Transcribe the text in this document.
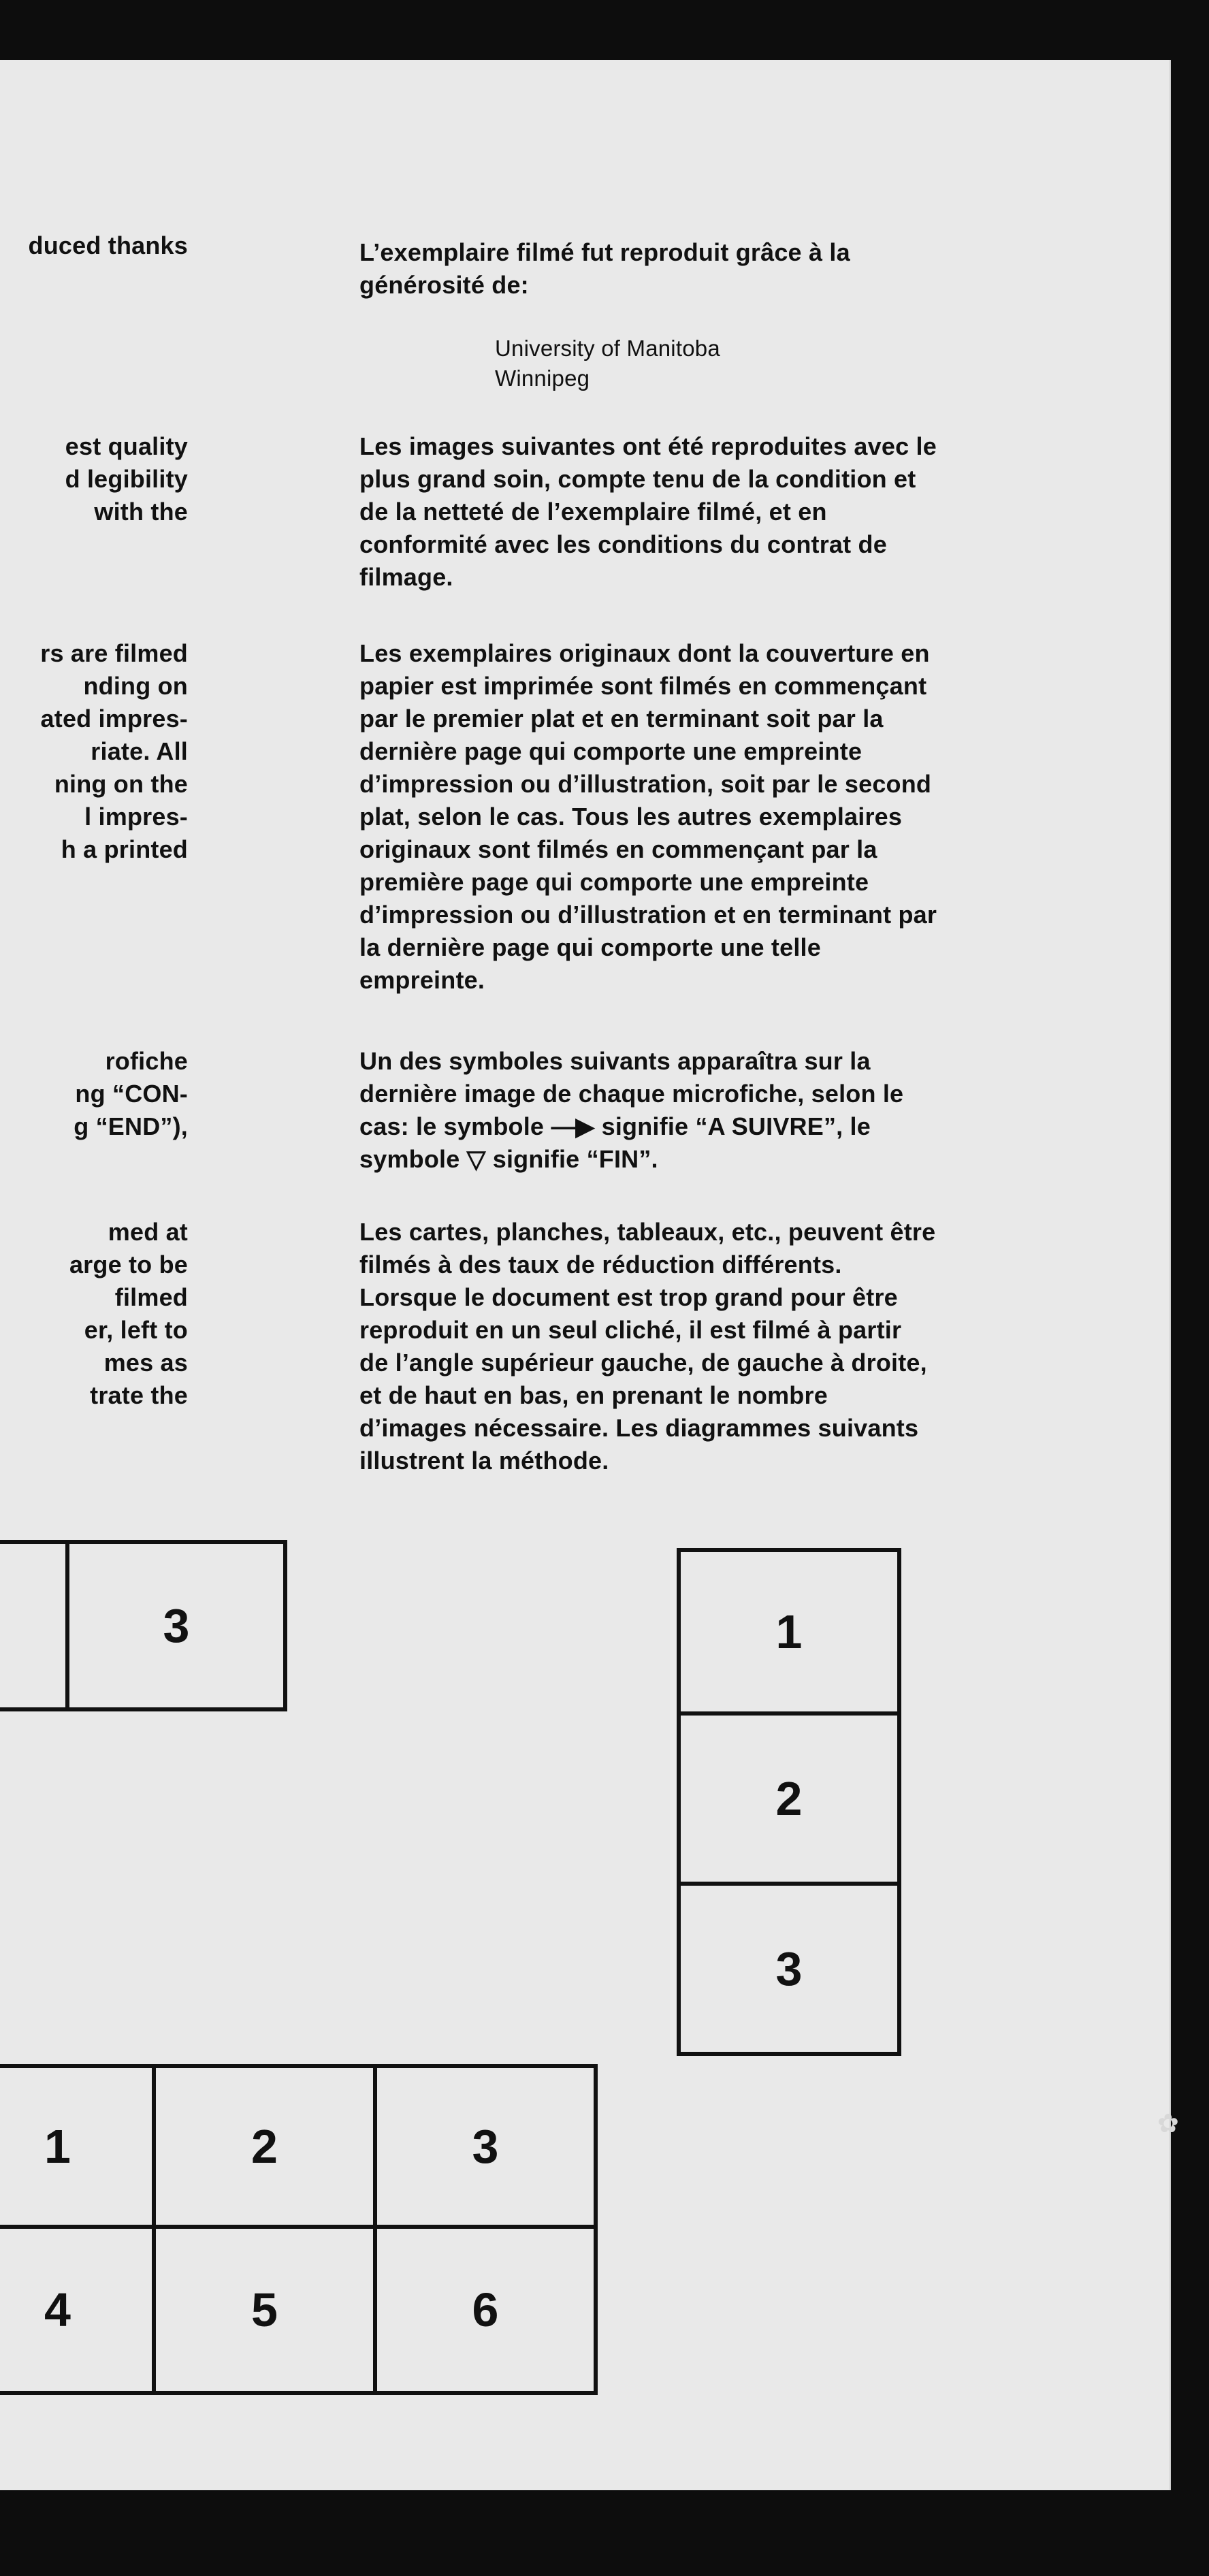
duced thanks

est quality
d legibility
with the

rs are filmed
nding on
ated impres-
riate. All
ning on the
l impres-
h a printed

rofiche
ng “CON-
g “END”),

med at
arge to be
filmed
er, left to
mes as
trate the

L’exemplaire filmé fut reproduit grâce à la
générosité de:

University of Manitoba
Winnipeg

Les images suivantes ont été reproduites avec le
plus grand soin, compte tenu de la condition et
de la netteté de l’exemplaire filmé, et en
conformité avec les conditions du contrat de
filmage.

Les exemplaires originaux dont la couverture en
papier est imprimée sont filmés en commençant
par le premier plat et en terminant soit par la
dernière page qui comporte une empreinte
d’impression ou d’illustration, soit par le second
plat, selon le cas. Tous les autres exemplaires
originaux sont filmés en commençant par la
première page qui comporte une empreinte
d’impression ou d’illustration et en terminant par
la dernière page qui comporte une telle
empreinte.

Un des symboles suivants apparaîtra sur la
dernière image de chaque microfiche, selon le
cas: le symbole —▶ signifie “A SUIVRE”, le
symbole ▽ signifie “FIN”.

Les cartes, planches, tableaux, etc., peuvent être
filmés à des taux de réduction différents.
Lorsque le document est trop grand pour être
reproduit en un seul cliché, il est filmé à partir
de l’angle supérieur gauche, de gauche à droite,
et de haut en bas, en prenant le nombre
d’images nécessaire. Les diagrammes suivants
illustrent la méthode.

3	1
2
3
1	2	3
4	5	6
✿
